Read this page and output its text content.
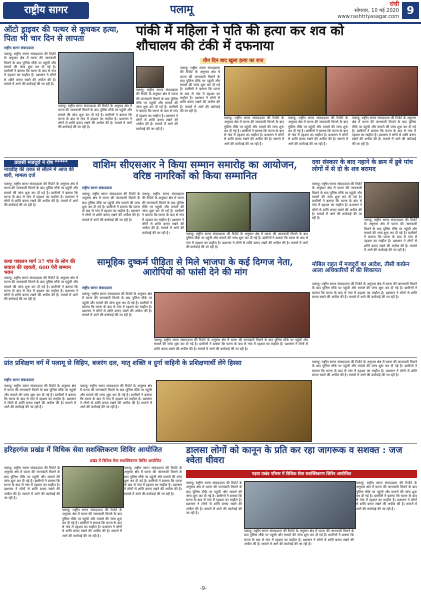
राष्ट्रीय सागर	पलामू	रांची
सोमवार, 10 मई 2020
www.rashtriyasagar.com 9
ऑटो ड्राइवर की पत्थर से कूचकर हत्या, पिता भी चार दिन से लापता
राष्ट्रीय सागर संवाददाता
पलामू। राष्ट्रीय सागर संवाददाता की रिपोर्ट के अनुसार क्षेत्र में घटना की जानकारी मिलने के बाद पुलिस मौके पर पहुंची और मामले की जांच शुरू कर दी गई है। ग्रामीणों ने बताया कि घटना के बाद से गांव में दहशत का माहौल है। प्रशासन ने लोगों से शांति बनाए रखने की अपील की है। मामले में आगे की कार्रवाई की जा रही है।
पलामू। राष्ट्रीय सागर संवाददाता की रिपोर्ट के अनुसार क्षेत्र में घटना की जानकारी मिलने के बाद पुलिस मौके पर पहुंची और मामले की जांच शुरू कर दी गई है। ग्रामीणों ने बताया कि घटना के बाद से गांव में दहशत का माहौल है। प्रशासन ने लोगों से शांति बनाए रखने की अपील की है। मामले में आगे की कार्रवाई की जा रही है।
पांकी में महिला ने पति की हत्या कर शव को शौचालय की टंकी में दफनाया
तीन दिन बाद खुला हत्या का राज
पलामू। राष्ट्रीय सागर संवाददाता की रिपोर्ट के अनुसार क्षेत्र में घटना की जानकारी मिलने के बाद पुलिस मौके पर पहुंची और मामले की जांच शुरू कर दी गई है। ग्रामीणों ने बताया कि घटना के बाद से गांव में दहशत का माहौल है। प्रशासन ने लोगों से शांति बनाए रखने की अपील की है। मामले में आगे की कार्रवाई की जा रही है।
पलामू। राष्ट्रीय सागर संवाददाता की रिपोर्ट के अनुसार क्षेत्र में घटना की जानकारी मिलने के बाद पुलिस मौके पर पहुंची और मामले की जांच शुरू कर दी गई है। ग्रामीणों ने बताया कि घटना के बाद से गांव में दहशत का माहौल है। प्रशासन ने लोगों से शांति बनाए रखने की अपील की है। मामले में आगे की कार्रवाई की जा रही है।
पलामू। राष्ट्रीय सागर संवाददाता की रिपोर्ट के अनुसार क्षेत्र में घटना की जानकारी मिलने के बाद पुलिस मौके पर पहुंची और मामले की जांच शुरू कर दी गई है। ग्रामीणों ने बताया कि घटना के बाद से गांव में दहशत का माहौल है। प्रशासन ने लोगों से शांति बनाए रखने की अपील की है। मामले में आगे की कार्रवाई की जा रही है।
पलामू। राष्ट्रीय सागर संवाददाता की रिपोर्ट के अनुसार क्षेत्र में घटना की जानकारी मिलने के बाद पुलिस मौके पर पहुंची और मामले की जांच शुरू कर दी गई है। ग्रामीणों ने बताया कि घटना के बाद से गांव में दहशत का माहौल है। प्रशासन ने लोगों से शांति बनाए रखने की अपील की है। मामले में आगे की कार्रवाई की जा रही है।
पलामू। राष्ट्रीय सागर संवाददाता की रिपोर्ट के अनुसार क्षेत्र में घटना की जानकारी मिलने के बाद पुलिस मौके पर पहुंची और मामले की जांच शुरू कर दी गई है। ग्रामीणों ने बताया कि घटना के बाद से गांव में दहशत का माहौल है। प्रशासन ने लोगों से शांति बनाए रखने की अपील की है। मामले में आगे की कार्रवाई की जा रही है।
प्रवासी मजदूरों ने रोष *****
नावडीह की तरफ़ से लौटने में आज की बारी, मामला दर्ज
पलामू। राष्ट्रीय सागर संवाददाता की रिपोर्ट के अनुसार क्षेत्र में घटना की जानकारी मिलने के बाद पुलिस मौके पर पहुंची और मामले की जांच शुरू कर दी गई है। ग्रामीणों ने बताया कि घटना के बाद से गांव में दहशत का माहौल है। प्रशासन ने लोगों से शांति बनाए रखने की अपील की है। मामले में आगे की कार्रवाई की जा रही है।
कथा पबालन मार्ग 37 गांव के लोग की सवाल की रहकरी, 600 पेरी सम्मान भवन
पलामू। राष्ट्रीय सागर संवाददाता की रिपोर्ट के अनुसार क्षेत्र में घटना की जानकारी मिलने के बाद पुलिस मौके पर पहुंची और मामले की जांच शुरू कर दी गई है। ग्रामीणों ने बताया कि घटना के बाद से गांव में दहशत का माहौल है। प्रशासन ने लोगों से शांति बनाए रखने की अपील की है। मामले में आगे की कार्रवाई की जा रही है।
वाशिम सीएसआर ने किया सम्मान समारोह का आयोजन, वरिष्ठ नागरिकों को किया सम्मानित
राष्ट्रीय सागर संवाददाता
पलामू। राष्ट्रीय सागर संवाददाता की रिपोर्ट के अनुसार क्षेत्र में घटना की जानकारी मिलने के बाद पुलिस मौके पर पहुंची और मामले की जांच शुरू कर दी गई है। ग्रामीणों ने बताया कि घटना के बाद से गांव में दहशत का माहौल है। प्रशासन ने लोगों से शांति बनाए रखने की अपील की है। मामले में आगे की कार्रवाई की जा रही है।
पलामू। राष्ट्रीय सागर संवाददाता की रिपोर्ट के अनुसार क्षेत्र में घटना की जानकारी मिलने के बाद पुलिस मौके पर पहुंची और मामले की जांच शुरू कर दी गई है। ग्रामीणों ने बताया कि घटना के बाद से गांव में दहशत का माहौल है। प्रशासन ने लोगों से शांति बनाए रखने की अपील की है। मामले में आगे की कार्रवाई की जा रही है।	पलामू। राष्ट्रीय सागर संवाददाता की रिपोर्ट के अनुसार क्षेत्र में घटना की जानकारी मिलने के बाद पुलिस मौके पर पहुंची और मामले की जांच शुरू कर दी गई है। ग्रामीणों ने बताया कि घटना के बाद से गांव में दहशत का माहौल है। प्रशासन ने लोगों से शांति बनाए रखने की अपील की है। मामले में आगे की कार्रवाई की जा रही है।
दवा संस्कार के बाद नहाने के क्रम में डूबे पांच लोगों में से दो के शव बरामद
पलामू। राष्ट्रीय सागर संवाददाता की रिपोर्ट के अनुसार क्षेत्र में घटना की जानकारी मिलने के बाद पुलिस मौके पर पहुंची और मामले की जांच शुरू कर दी गई है। ग्रामीणों ने बताया कि घटना के बाद से गांव में दहशत का माहौल है। प्रशासन ने लोगों से शांति बनाए रखने की अपील की है। मामले में आगे की कार्रवाई की जा रही है।	पलामू। राष्ट्रीय सागर संवाददाता की रिपोर्ट के अनुसार क्षेत्र में घटना की जानकारी मिलने के बाद पुलिस मौके पर पहुंची और मामले की जांच शुरू कर दी गई है। ग्रामीणों ने बताया कि घटना के बाद से गांव में दहशत का माहौल है। प्रशासन ने लोगों से शांति बनाए रखने की अपील की है। मामले में आगे की कार्रवाई की जा रही है।
सामूहिक दुष्कर्म पीड़िता से मिले भाजपा के कई दिग्गज नेता, आरोपियों को फांसी देने की मांग
राष्ट्रीय सागर संवाददाता
पलामू। राष्ट्रीय सागर संवाददाता की रिपोर्ट के अनुसार क्षेत्र में घटना की जानकारी मिलने के बाद पुलिस मौके पर पहुंची और मामले की जांच शुरू कर दी गई है। ग्रामीणों ने बताया कि घटना के बाद से गांव में दहशत का माहौल है। प्रशासन ने लोगों से शांति बनाए रखने की अपील की है। मामले में आगे की कार्रवाई की जा रही है।
पलामू। राष्ट्रीय सागर संवाददाता की रिपोर्ट के अनुसार क्षेत्र में घटना की जानकारी मिलने के बाद पुलिस मौके पर पहुंची और मामले की जांच शुरू कर दी गई है। ग्रामीणों ने बताया कि घटना के बाद से गांव में दहशत का माहौल है। प्रशासन ने लोगों से शांति बनाए रखने की अपील की है। मामले में आगे की कार्रवाई की जा रही है।
मोबिल राहत में मजदूरों का आदेश, तीसी काफ़ेन आला अधिकारियों से की शिकायत
पलामू। राष्ट्रीय सागर संवाददाता की रिपोर्ट के अनुसार क्षेत्र में घटना की जानकारी मिलने के बाद पुलिस मौके पर पहुंची और मामले की जांच शुरू कर दी गई है। ग्रामीणों ने बताया कि घटना के बाद से गांव में दहशत का माहौल है। प्रशासन ने लोगों से शांति बनाए रखने की अपील की है। मामले में आगे की कार्रवाई की जा रही है।
प्रांत प्रशिक्षण वर्ग में पलामू से विहिप, बजरंग दल, मातृ शक्ति व दुर्गा वाहिनी के प्रशिक्षणार्थी लेंगे हिस्सा
राष्ट्रीय सागर संवाददाता
पलामू। राष्ट्रीय सागर संवाददाता की रिपोर्ट के अनुसार क्षेत्र में घटना की जानकारी मिलने के बाद पुलिस मौके पर पहुंची और मामले की जांच शुरू कर दी गई है। ग्रामीणों ने बताया कि घटना के बाद से गांव में दहशत का माहौल है। प्रशासन ने लोगों से शांति बनाए रखने की अपील की है। मामले में आगे की कार्रवाई की जा रही है।
पलामू। राष्ट्रीय सागर संवाददाता की रिपोर्ट के अनुसार क्षेत्र में घटना की जानकारी मिलने के बाद पुलिस मौके पर पहुंची और मामले की जांच शुरू कर दी गई है। ग्रामीणों ने बताया कि घटना के बाद से गांव में दहशत का माहौल है। प्रशासन ने लोगों से शांति बनाए रखने की अपील की है। मामले में आगे की कार्रवाई की जा रही है।
पलामू। राष्ट्रीय सागर संवाददाता की रिपोर्ट के अनुसार क्षेत्र में घटना की जानकारी मिलने के बाद पुलिस मौके पर पहुंची और मामले की जांच शुरू कर दी गई है। ग्रामीणों ने बताया कि घटना के बाद से गांव में दहशत का माहौल है। प्रशासन ने लोगों से शांति बनाए रखने की अपील की है। मामले में आगे की कार्रवाई की जा रही है।
हरिहरगंज प्रखंड में विधिक सेवा सशक्तिकरण शिविर आयोजित
प्रखंड में विधिक सेवा सशक्तिकरण शिविर आयोजित
पलामू। राष्ट्रीय सागर संवाददाता की रिपोर्ट के अनुसार क्षेत्र में घटना की जानकारी मिलने के बाद पुलिस मौके पर पहुंची और मामले की जांच शुरू कर दी गई है। ग्रामीणों ने बताया कि घटना के बाद से गांव में दहशत का माहौल है। प्रशासन ने लोगों से शांति बनाए रखने की अपील की है। मामले में आगे की कार्रवाई की जा रही है।
पलामू। राष्ट्रीय सागर संवाददाता की रिपोर्ट के अनुसार क्षेत्र में घटना की जानकारी मिलने के बाद पुलिस मौके पर पहुंची और मामले की जांच शुरू कर दी गई है। ग्रामीणों ने बताया कि घटना के बाद से गांव में दहशत का माहौल है। प्रशासन ने लोगों से शांति बनाए रखने की अपील की है। मामले में आगे की कार्रवाई की जा रही है।
पलामू। राष्ट्रीय सागर संवाददाता की रिपोर्ट के अनुसार क्षेत्र में घटना की जानकारी मिलने के बाद पुलिस मौके पर पहुंची और मामले की जांच शुरू कर दी गई है। ग्रामीणों ने बताया कि घटना के बाद से गांव में दहशत का माहौल है। प्रशासन ने लोगों से शांति बनाए रखने की अपील की है। मामले में आगे की कार्रवाई की जा रही है।
डालसा लोगों को कानून के प्रति कर रहा जागरूक व सशक्त : जज श्वेता धीवरा
पड़वा प्रखंड परिसर में विधिक सेवा सशक्तिकरण शिविर आयोजित
पलामू। राष्ट्रीय सागर संवाददाता की रिपोर्ट के अनुसार क्षेत्र में घटना की जानकारी मिलने के बाद पुलिस मौके पर पहुंची और मामले की जांच शुरू कर दी गई है। ग्रामीणों ने बताया कि घटना के बाद से गांव में दहशत का माहौल है। प्रशासन ने लोगों से शांति बनाए रखने की अपील की है। मामले में आगे की कार्रवाई की जा रही है।
पलामू। राष्ट्रीय सागर संवाददाता की रिपोर्ट के अनुसार क्षेत्र में घटना की जानकारी मिलने के बाद पुलिस मौके पर पहुंची और मामले की जांच शुरू कर दी गई है। ग्रामीणों ने बताया कि घटना के बाद से गांव में दहशत का माहौल है। प्रशासन ने लोगों से शांति बनाए रखने की अपील की है। मामले में आगे की कार्रवाई की जा रही है।
पलामू। राष्ट्रीय सागर संवाददाता की रिपोर्ट के अनुसार क्षेत्र में घटना की जानकारी मिलने के बाद पुलिस मौके पर पहुंची और मामले की जांच शुरू कर दी गई है। ग्रामीणों ने बताया कि घटना के बाद से गांव में दहशत का माहौल है। प्रशासन ने लोगों से शांति बनाए रखने की अपील की है। मामले में आगे की कार्रवाई की जा रही है।
-9-
